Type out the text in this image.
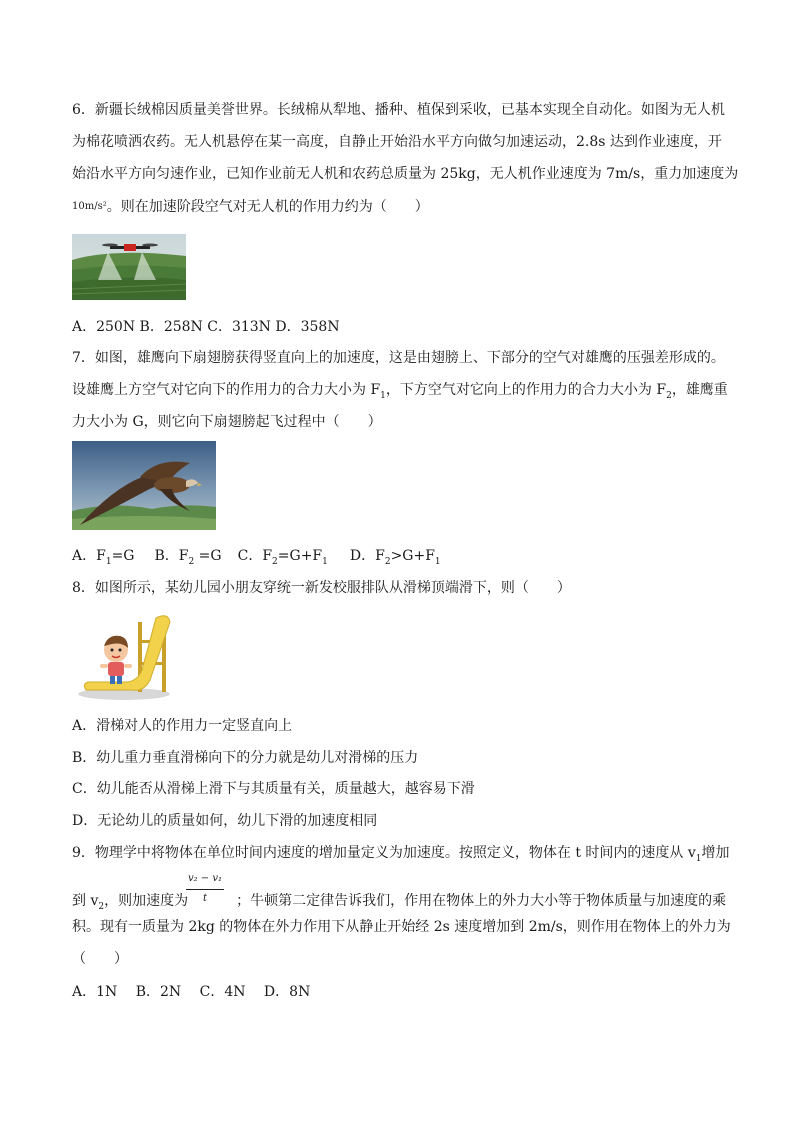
6．新疆长绒棉因质量美誉世界。长绒棉从犁地、播种、植保到采收，已基本实现全自动化。如图为无人机
为棉花喷洒农药。无人机悬停在某一高度，自静止开始沿水平方向做匀加速运动，2.8s 达到作业速度，开
始沿水平方向匀速作业，已知作业前无人机和农药总质量为 25kg，无人机作业速度为 7m/s，重力加速度为
$^{10m/s^2}$。则在加速阶段空气对无人机的作用力约为（　　）
A．250N B．258N C．313N D．358N
7．如图，雄鹰向下扇翅膀获得竖直向上的加速度，这是由翅膀上、下部分的空气对雄鹰的压强差形成的。
设雄鹰上方空气对它向下的作用力的合力大小为 $F_1$，下方空气对它向上的作用力的合力大小为 $F_2$，雄鹰重
力大小为 G，则它向下扇翅膀起飞过程中（　　）
A．$F_1=G$ B．$F_2 =G$ C．$F_2=G+F_1$ D．$F_2>G+F_1$
8．如图所示，某幼儿园小朋友穿统一新发校服排队从滑梯顶端滑下，则（　　）
A．滑梯对人的作用力一定竖直向上
B．幼儿重力垂直滑梯向下的分力就是幼儿对滑梯的压力
C．幼儿能否从滑梯上滑下与其质量有关，质量越大，越容易下滑
D．无论幼儿的质量如何，幼儿下滑的加速度相同
9．物理学中将物体在单位时间内速度的增加量定义为加速度。按照定义，物体在 t 时间内的速度从 $v_1$增加
到 $v_2$，则加速度为	；牛顿第二定律告诉我们，作用在物体上的外力大小等于物体质量与加速度的乘
v₂ − v₁
t
积。现有一质量为 2kg 的物体在外力作用下从静止开始经 2s 速度增加到 2m/s，则作用在物体上的外力为
（　　）
A．1N　 B．2N　 C．4N　 D．8N
